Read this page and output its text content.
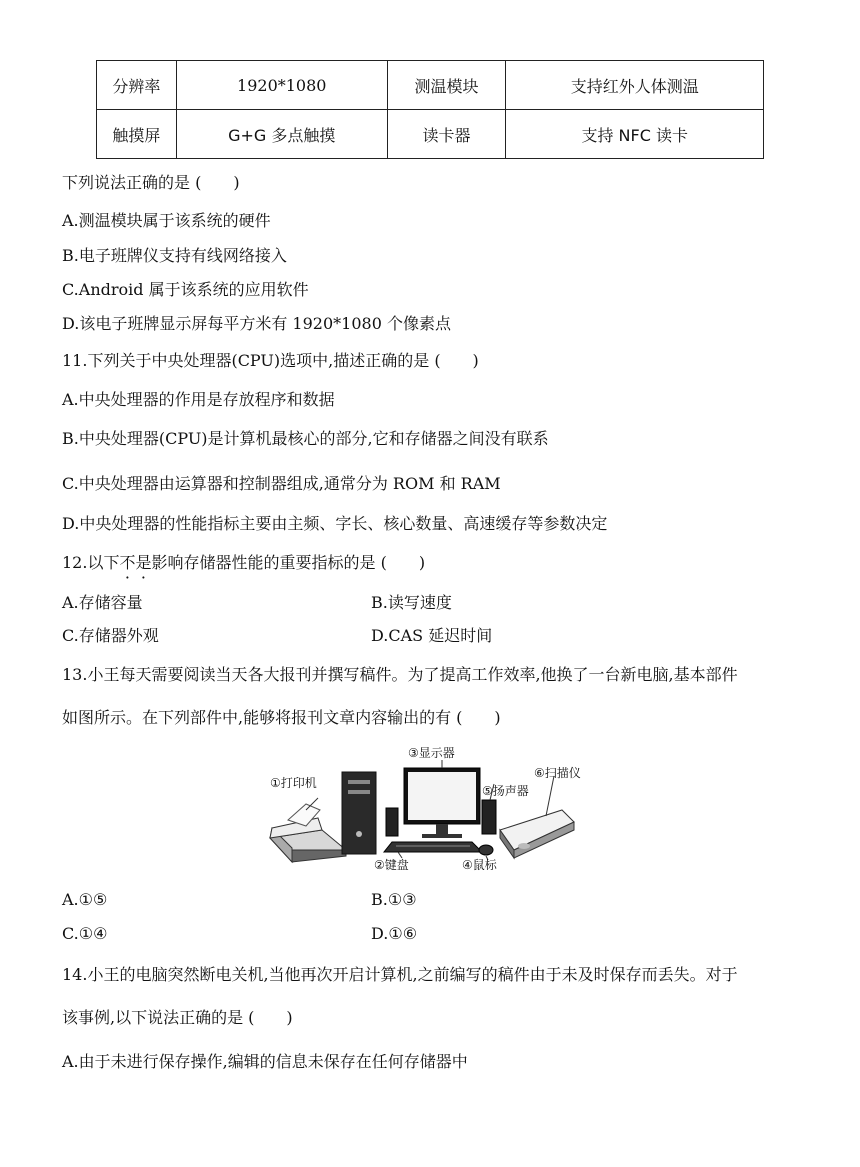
分辨率	1920*1080	测温模块	支持红外人体测温
触摸屏	G+G 多点触摸	读卡器	支持 NFC 读卡
下列说法正确的是 (　　)
A.测温模块属于该系统的硬件
B.电子班牌仪支持有线网络接入
C.Android 属于该系统的应用软件
D.该电子班牌显示屏每平方米有 1920*1080 个像素点
11.下列关于中央处理器(CPU)选项中,描述正确的是 (　　)
A.中央处理器的作用是存放程序和数据
B.中央处理器(CPU)是计算机最核心的部分,它和存储器之间没有联系
C.中央处理器由运算器和控制器组成,通常分为 ROM 和 RAM
D.中央处理器的性能指标主要由主频、字长、核心数量、高速缓存等参数决定
12.以下不是影响存储器性能的重要指标的是 (　　)
A.存储容量	B.读写速度
C.存储器外观	D.CAS 延迟时间
13.小王每天需要阅读当天各大报刊并撰写稿件。为了提高工作效率,他换了一台新电脑,基本部件
如图所示。在下列部件中,能够将报刊文章内容输出的有 (　　)
①打印机
②键盘
③显示器
④鼠标
⑤扬声器
⑥扫描仪
A.①⑤	B.①③
C.①④	D.①⑥
14.小王的电脑突然断电关机,当他再次开启计算机,之前编写的稿件由于未及时保存而丢失。对于
该事例,以下说法正确的是 (　　)
A.由于未进行保存操作,编辑的信息未保存在任何存储器中
